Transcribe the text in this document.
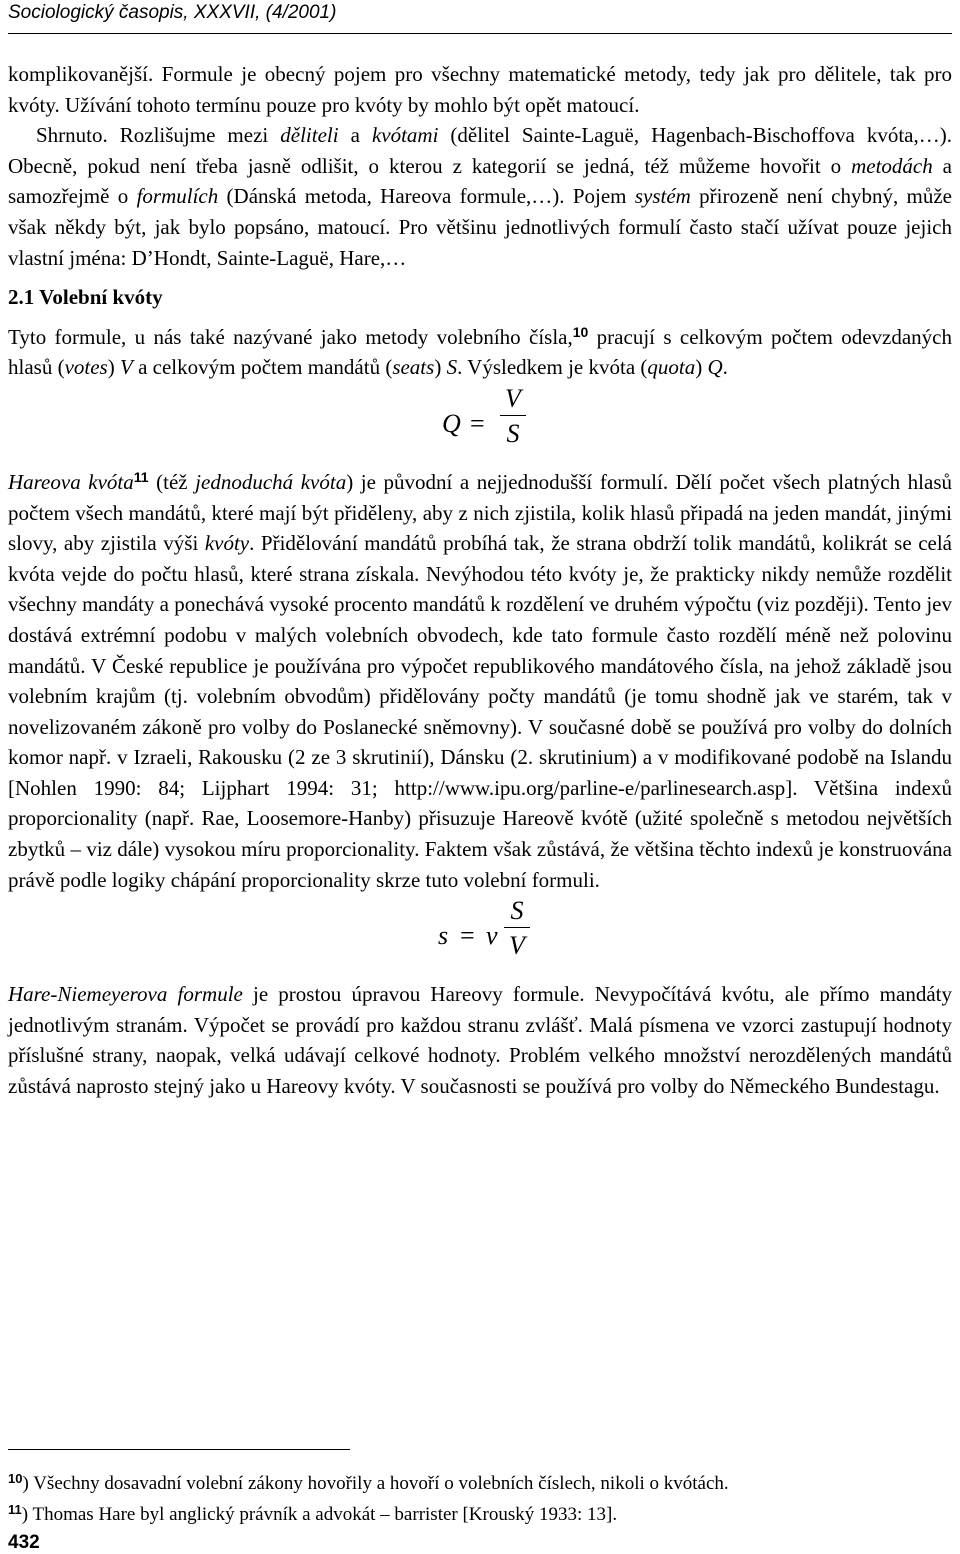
Sociologický časopis, XXXVII, (4/2001)

komplikovanější. Formule je obecný pojem pro všechny matematické metody, tedy jak pro dělitele, tak pro kvóty. Užívání tohoto termínu pouze pro kvóty by mohlo být opět matoucí.

Shrnuto. Rozlišujme mezi děliteli a kvótami (dělitel Sainte-Laguë, Hagenbach-Bischoffova kvóta,…). Obecně, pokud není třeba jasně odlišit, o kterou z kategorií se jedná, též můžeme hovořit o metodách a samozřejmě o formulích (Dánská metoda, Hareova formule,…). Pojem systém přirozeně není chybný, může však někdy být, jak bylo popsáno, matoucí. Pro většinu jednotlivých formulí často stačí užívat pouze jejich vlastní jména: D’Hondt, Sainte-Laguë, Hare,…

2.1 Volební kvóty

Tyto formule, u nás také nazývané jako metody volebního čísla,$^{10}$ pracují s celkovým počtem odevzdaných hlasů (votes) V a celkovým počtem mandátů (seats) S. Výsledkem je kvóta (quota) Q.

Q =
V
S

Hareova kvóta$^{11}$ (též jednoduchá kvóta) je původní a nejjednodušší formulí. Dělí počet všech platných hlasů počtem všech mandátů, které mají být přiděleny, aby z nich zjistila, kolik hlasů připadá na jeden mandát, jinými slovy, aby zjistila výši kvóty. Přidělování mandátů probíhá tak, že strana obdrží tolik mandátů, kolikrát se celá kvóta vejde do počtu hlasů, které strana získala. Nevýhodou této kvóty je, že prakticky nikdy nemůže rozdělit všechny mandáty a ponechává vysoké procento mandátů k rozdělení ve druhém výpočtu (viz později). Tento jev dostává extrémní podobu v malých volebních obvodech, kde tato formule často rozdělí méně než polovinu mandátů. V České republice je používána pro výpočet republikového mandátového čísla, na jehož základě jsou volebním krajům (tj. volebním obvodům) přidělovány počty mandátů (je tomu shodně jak ve starém, tak v novelizovaném zákoně pro volby do Poslanecké sněmovny). V současné době se používá pro volby do dolních komor např. v Izraeli, Rakousku (2 ze 3 skrutinií), Dánsku (2. skrutinium) a v modifikované podobě na Islandu [Nohlen 1990: 84; Lijphart 1994: 31; http://www.ipu.org/parline-e/parlinesearch.asp]. Většina indexů proporcionality (např. Rae, Loosemore-Hanby) přisuzuje Hareově kvótě (užité společně s metodou největších zbytků – viz dále) vysokou míru proporcionality. Faktem však zůstává, že většina těchto indexů je konstruována právě podle logiky chápání proporcionality skrze tuto volební formuli.

s = v
S
V

Hare-Niemeyerova formule je prostou úpravou Hareovy formule. Nevypočítává kvótu, ale přímo mandáty jednotlivým stranám. Výpočet se provádí pro každou stranu zvlášť. Malá písmena ve vzorci zastupují hodnoty příslušné strany, naopak, velká udávají celkové hodnoty. Problém velkého množství nerozdělených mandátů zůstává naprosto stejný jako u Hareovy kvóty. V současnosti se používá pro volby do Německého Bundestagu.

$^{10}$) Všechny dosavadní volební zákony hovořily a hovoří o volebních číslech, nikoli o kvótách.
$^{11}$) Thomas Hare byl anglický právník a advokát – barrister [Krouský 1933: 13].
432
